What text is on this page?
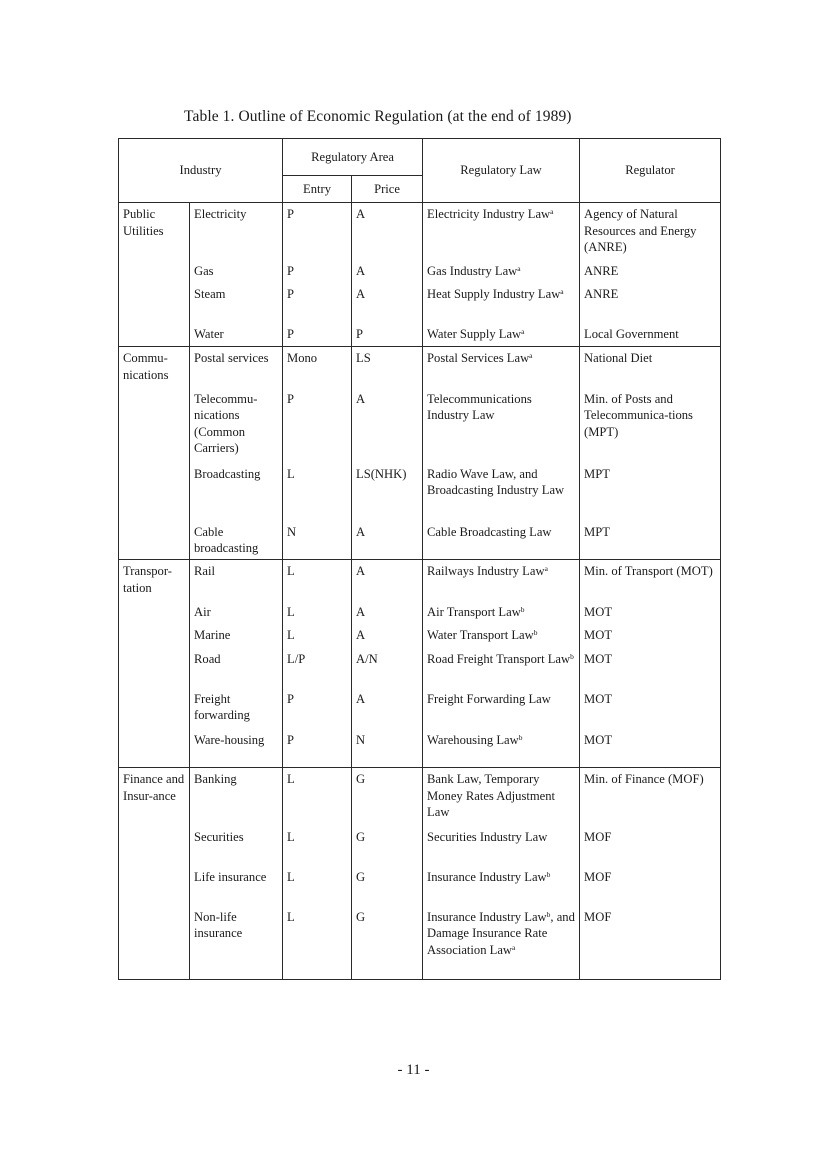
Table 1. Outline of Economic Regulation (at the end of 1989)
Industry		Regulatory Area		Regulatory Law	Regulator
		Entry	Price		
Public Utilities	Electricity	P	A	Electricity Industry Law$^a$	Agency of Natural Resources and Energy (ANRE)
	Gas	P	A	Gas Industry Law$^a$	ANRE
	Steam	P	A	Heat Supply Industry Law$^a$	ANRE
	Water	P	P	Water Supply Law$^a$	Local Government
Commu-nications	Postal services	Mono	LS	Postal Services Law$^a$	National Diet
	Telecommu-nications (Common Carriers)	P	A	Telecommunications Industry Law	Min. of Posts and Telecommunica-tions (MPT)
	Broadcasting	L	LS(NHK)	Radio Wave Law, and Broadcasting Industry Law	MPT
	Cable broadcasting	N	A	Cable Broadcasting Law	MPT
Transpor-tation	Rail	L	A	Railways Industry Law$^a$	Min. of Transport (MOT)
	Air	L	A	Air Transport Law$^b$	MOT
	Marine	L	A	Water Transport Law$^b$	MOT
	Road	L/P	A/N	Road Freight Transport Law$^b$	MOT
	Freight forwarding	P	A	Freight Forwarding Law	MOT
	Ware-housing	P	N	Warehousing Law$^b$	MOT
Finance and Insur-ance	Banking	L	G	Bank Law, Temporary Money Rates Adjustment Law	Min. of Finance (MOF)
	Securities	L	G	Securities Industry Law	MOF
	Life insurance	L	G	Insurance Industry Law$^b$	MOF
	Non-life insurance	L	G	Insurance Industry Law$^b$, and Damage Insurance Rate Association Law$^a$	MOF
- 11 -
